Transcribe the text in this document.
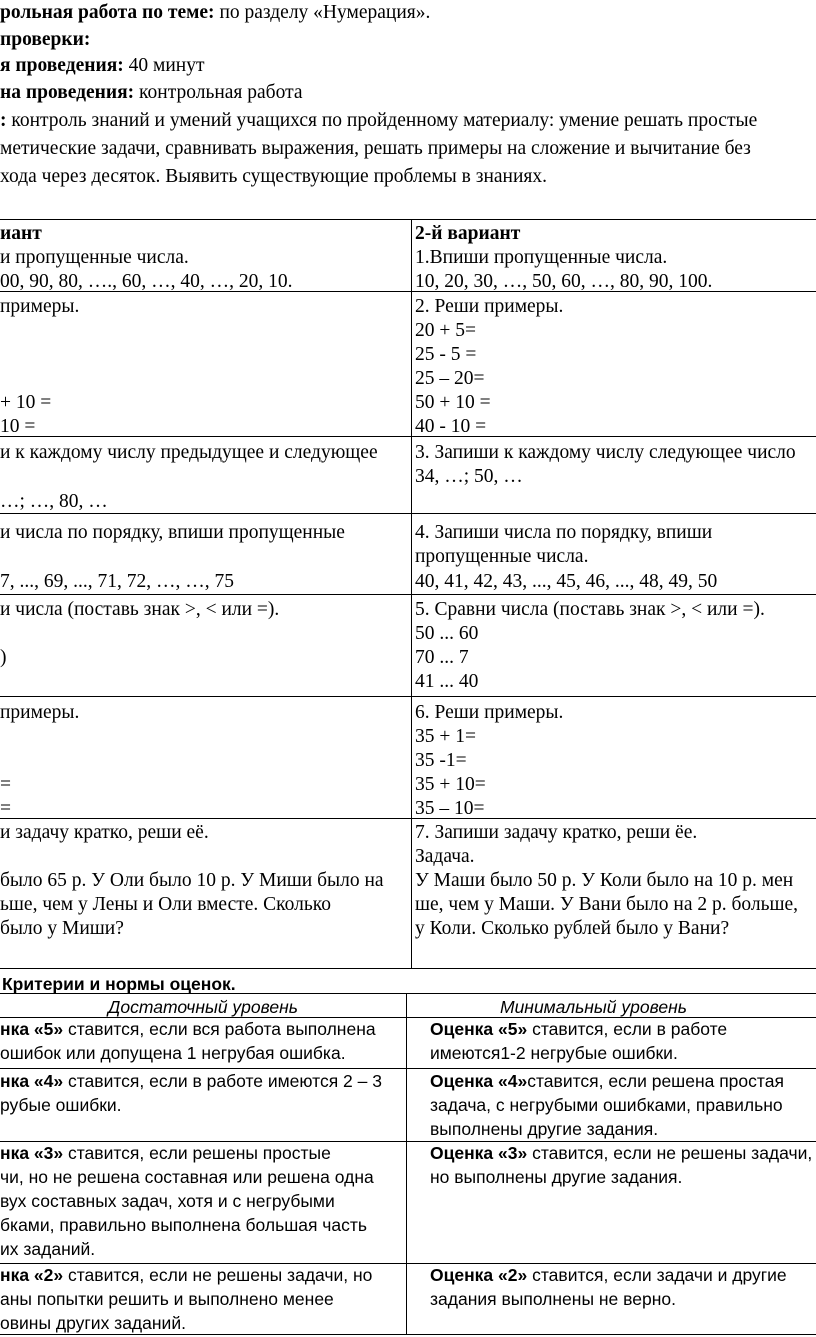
рольная работа по теме: по разделу «Нумерация».
проверки:
я проведения: 40 минут
на проведения: контрольная работа
: контроль знаний и умений учащихся по пройденному материалу: умение решать простые
метические задачи, сравнивать выражения, решать примеры на сложение и вычитание без
хода через десяток. Выявить существующие проблемы в знаниях.
иант
и пропущенные числа.
00, 90, 80, …., 60, …, 40, …, 20, 10.
примеры.
+ 10 =
10 =
и к каждому числу предыдущее и следующее
…; …, 80, …
и числа по порядку, впиши пропущенные
7, ..., 69, ..., 71, 72, …, …, 75
и числа (поставь знак >, < или =).
)
примеры.
=
=
и задачу кратко, реши её.
было 65 р. У Оли было 10 р. У Миши было на
ьше, чем у Лены и Оли вместе. Сколько
было у Миши?
2-й вариант
1.Впиши пропущенные числа.
10, 20, 30, …, 50, 60, …, 80, 90, 100.
2. Реши примеры.
20 + 5=
25 - 5 =
25 – 20=
50 + 10 =
40 - 10 =
3. Запиши к каждому числу следующее число
34, …; 50, …
4. Запиши числа по порядку, впиши
пропущенные числа.
40, 41, 42, 43, ..., 45, 46, ..., 48, 49, 50
5. Сравни числа (поставь знак >, < или =).
50 ... 60
70 ... 7
41 ... 40
6. Реши примеры.
35 + 1=
35 -1=
35 + 10=
35 – 10=
7. Запиши задачу кратко, реши ёе.
Задача.
У Маши было 50 р. У Коли было на 10 р. мен
ше, чем у Маши. У Вани было на 2 р. больше,
у Коли. Сколько рублей было у Вани?
Критерии и нормы оценок.
Достаточный уровень	Минимальный уровень
нка «5» ставится, если вся работа выполнена
ошибок или допущена 1 негрубая ошибка.
нка «4» ставится, если в работе имеются 2 – 3
рубые ошибки.
нка «3» ставится, если решены простые
чи, но не решена составная или решена одна
вух составных задач, хотя и с негрубыми
бками, правильно выполнена большая часть
их заданий.
нка «2» ставится, если не решены задачи, но
аны попытки решить и выполнено менее
овины других заданий.
Оценка «5» ставится, если в работе
имеются1-2 негрубые ошибки.
Оценка «4»ставится, если решена простая
задача, с негрубыми ошибками, правильно
выполнены другие задания.
Оценка «3» ставится, если не решены задачи,
но выполнены другие задания.
Оценка «2» ставится, если задачи и другие
задания выполнены не верно.
